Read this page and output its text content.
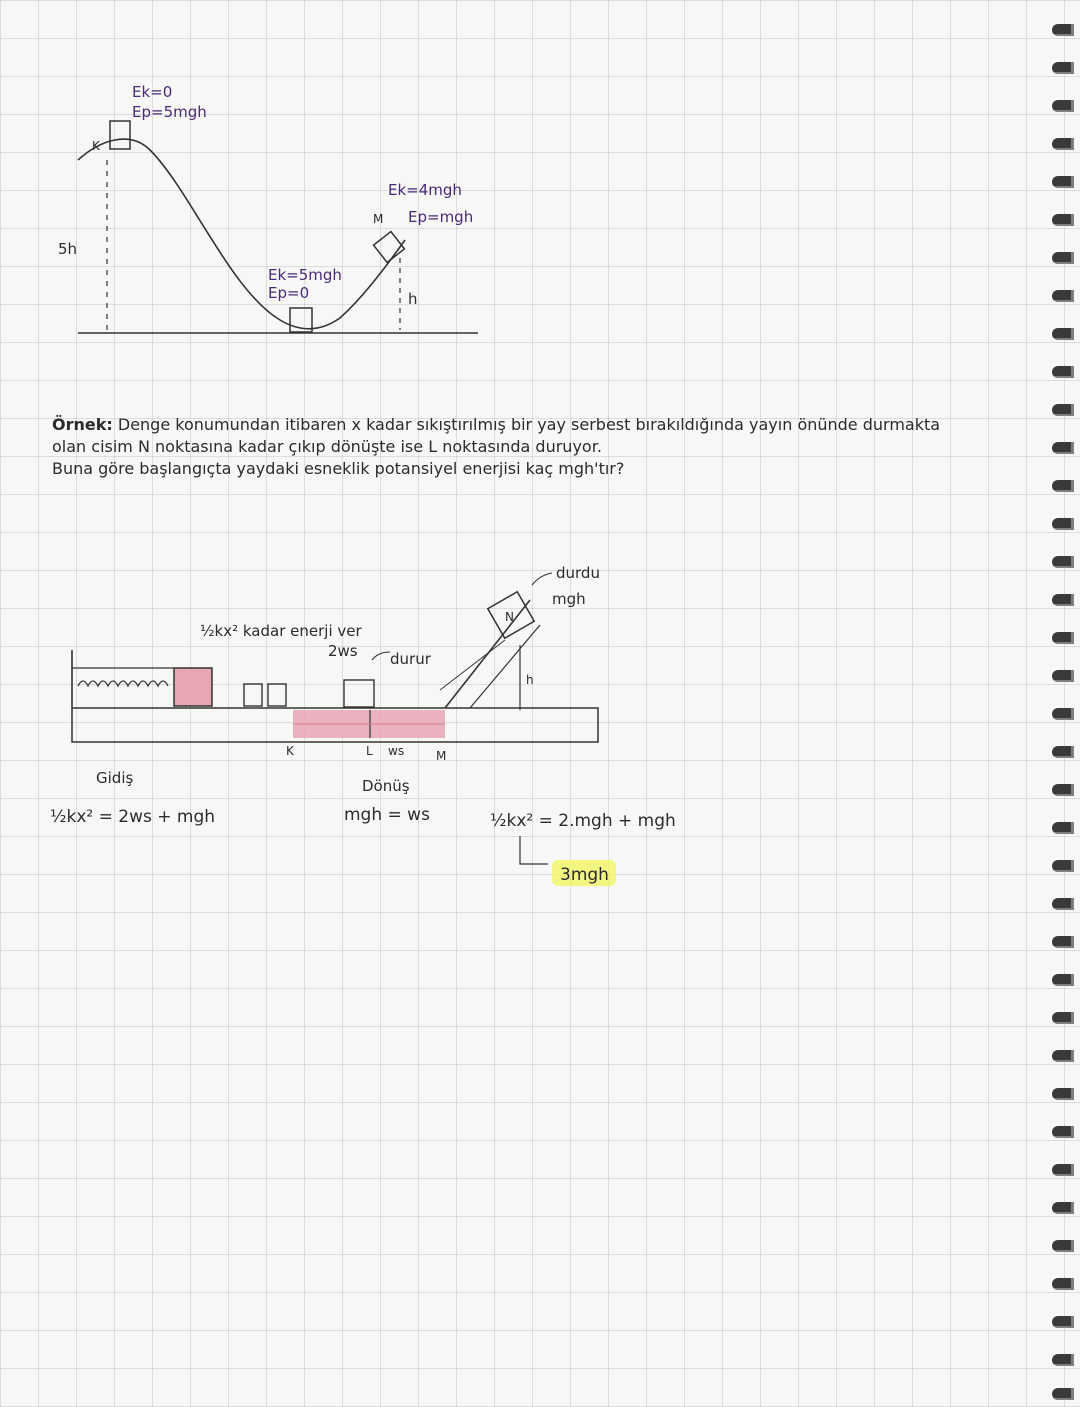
K
Ek=0
Ep=5mgh
5h
Ek=5mgh
Ep=0
M
Ek=4mgh
Ep=mgh
h
½kx² kadar enerji ver
2ws durur
durdu
mgh
N
h
K	L ws	M
Gidiş
½kx² = 2ws + mgh
Dönüş
mgh = ws	½kx² = 2.mgh + mgh
3mgh
Örnek: Denge konumundan itibaren x kadar sıkıştırılmış bir yay serbest bırakıldığında yayın önünde durmakta
olan cisim N noktasına kadar çıkıp dönüşte ise L noktasında duruyor.
Buna göre başlangıçta yaydaki esneklik potansiyel enerjisi kaç mgh'tır?
